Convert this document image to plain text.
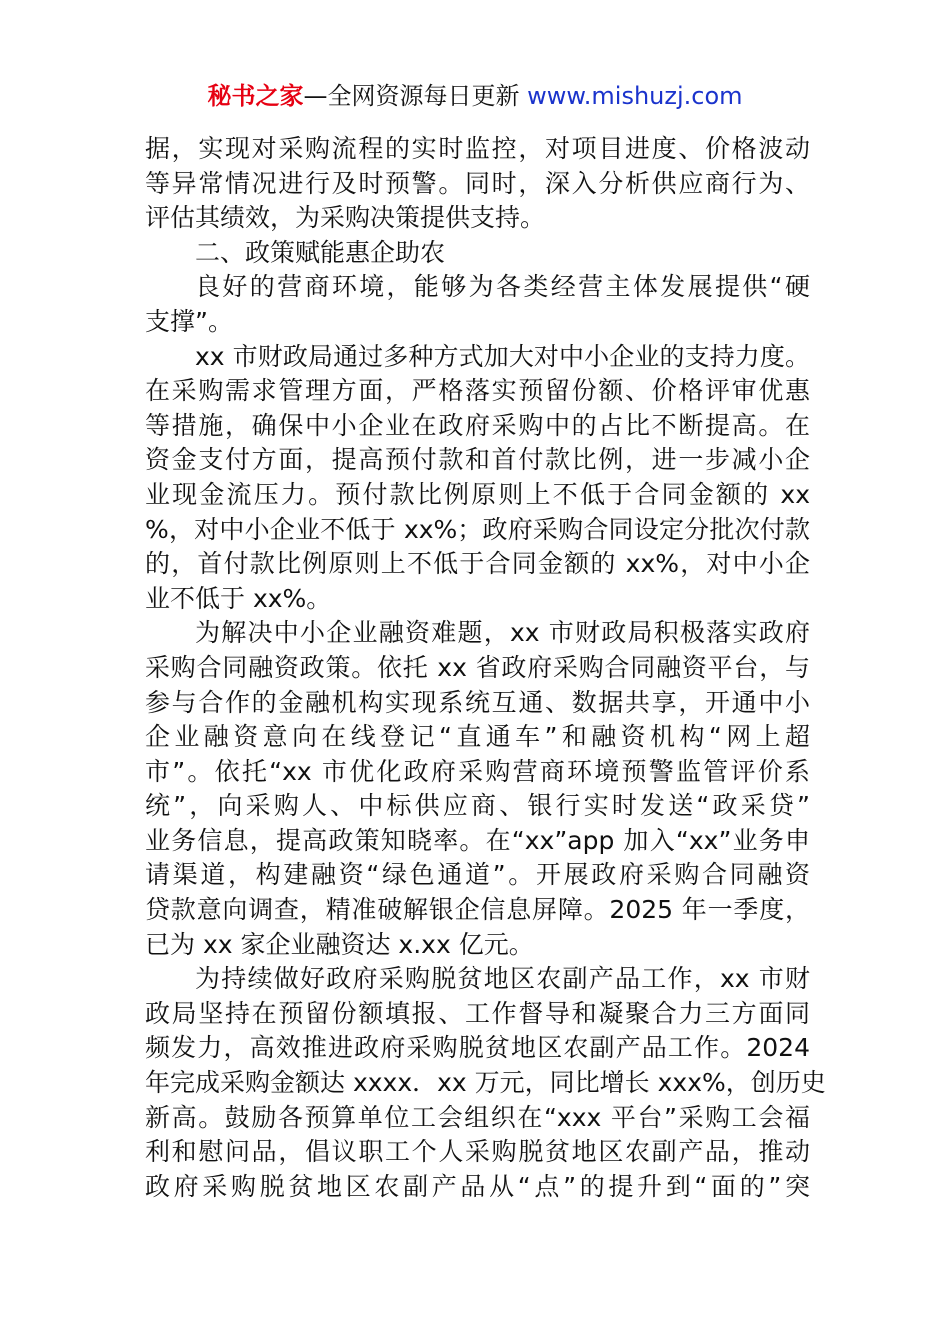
秘书之家—全网资源每日更新 www.mishuzj.com
据，实现对采购流程的实时监控，对项目进度、价格波动
等异常情况进行及时预警。同时，深入分析供应商行为、
评估其绩效，为采购决策提供支持。
二、政策赋能惠企助农
良好的营商环境，能够为各类经营主体发展提供“硬
支撑”。
xx 市财政局通过多种方式加大对中小企业的支持力度。
在采购需求管理方面，严格落实预留份额、价格评审优惠
等措施，确保中小企业在政府采购中的占比不断提高。在
资金支付方面，提高预付款和首付款比例，进一步减小企
业现金流压力。预付款比例原则上不低于合同金额的 xx
%，对中小企业不低于 xx%；政府采购合同设定分批次付款
的，首付款比例原则上不低于合同金额的 xx%，对中小企
业不低于 xx%。
为解决中小企业融资难题，xx 市财政局积极落实政府
采购合同融资政策。依托 xx 省政府采购合同融资平台，与
参与合作的金融机构实现系统互通、数据共享，开通中小
企业融资意向在线登记“直通车”和融资机构“网上超
市”。依托“xx 市优化政府采购营商环境预警监管评价系
统”，向采购人、中标供应商、银行实时发送“政采贷”
业务信息，提高政策知晓率。在“xx”app 加入“xx”业务申
请渠道，构建融资“绿色通道”。开展政府采购合同融资
贷款意向调查，精准破解银企信息屏障。2025 年一季度，
已为 xx 家企业融资达 x.xx 亿元。
为持续做好政府采购脱贫地区农副产品工作，xx 市财
政局坚持在预留份额填报、工作督导和凝聚合力三方面同
频发力，高效推进政府采购脱贫地区农副产品工作。2024
年完成采购金额达 xxxx．xx 万元，同比增长 xxx%，创历史
新高。鼓励各预算单位工会组织在“xxx 平台”采购工会福
利和慰问品，倡议职工个人采购脱贫地区农副产品，推动
政府采购脱贫地区农副产品从“点”的提升到“面的”突
